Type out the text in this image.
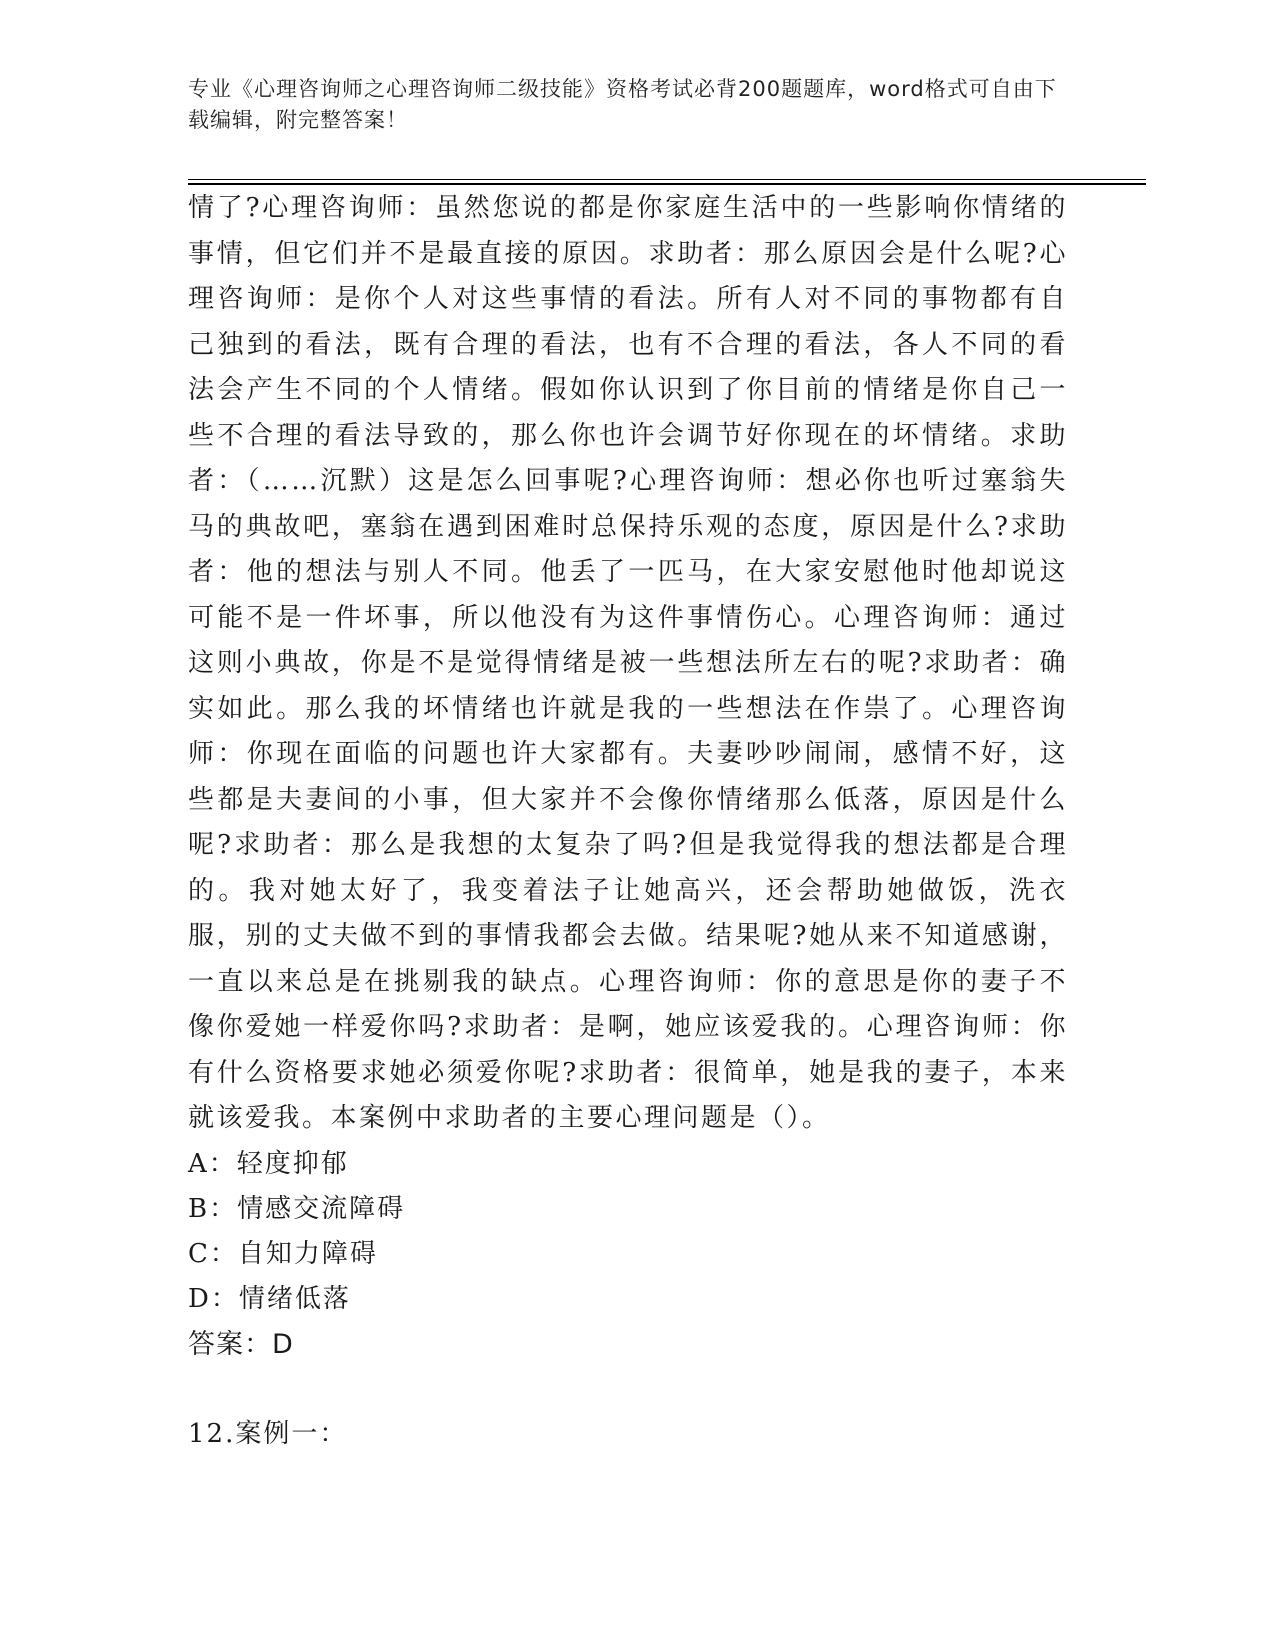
专业《心理咨询师之心理咨询师二级技能》资格考试必背200题题库，word格式可自由下载编辑，附完整答案！

情了?心理咨询师：虽然您说的都是你家庭生活中的一些影响你情绪的事情，但它们并不是最直接的原因。求助者：那么原因会是什么呢?心理咨询师：是你个人对这些事情的看法。所有人对不同的事物都有自己独到的看法，既有合理的看法，也有不合理的看法，各人不同的看法会产生不同的个人情绪。假如你认识到了你目前的情绪是你自己一些不合理的看法导致的，那么你也许会调节好你现在的坏情绪。求助者：（……沉默）这是怎么回事呢?心理咨询师：想必你也听过塞翁失马的典故吧，塞翁在遇到困难时总保持乐观的态度，原因是什么?求助者：他的想法与别人不同。他丢了一匹马，在大家安慰他时他却说这可能不是一件坏事，所以他没有为这件事情伤心。心理咨询师：通过这则小典故，你是不是觉得情绪是被一些想法所左右的呢?求助者：确实如此。那么我的坏情绪也许就是我的一些想法在作祟了。心理咨询师：你现在面临的问题也许大家都有。夫妻吵吵闹闹，感情不好，这些都是夫妻间的小事，但大家并不会像你情绪那么低落，原因是什么呢?求助者：那么是我想的太复杂了吗?但是我觉得我的想法都是合理的。我对她太好了，我变着法子让她高兴，还会帮助她做饭，洗衣服，别的丈夫做不到的事情我都会去做。结果呢?她从来不知道感谢，一直以来总是在挑剔我的缺点。心理咨询师：你的意思是你的妻子不像你爱她一样爱你吗?求助者：是啊，她应该爱我的。心理咨询师：你有什么资格要求她必须爱你呢?求助者：很简单，她是我的妻子，本来就该爱我。本案例中求助者的主要心理问题是（）。

A：轻度抑郁

B：情感交流障碍

C：自知力障碍

D：情绪低落

答案：D

12.案例一：
